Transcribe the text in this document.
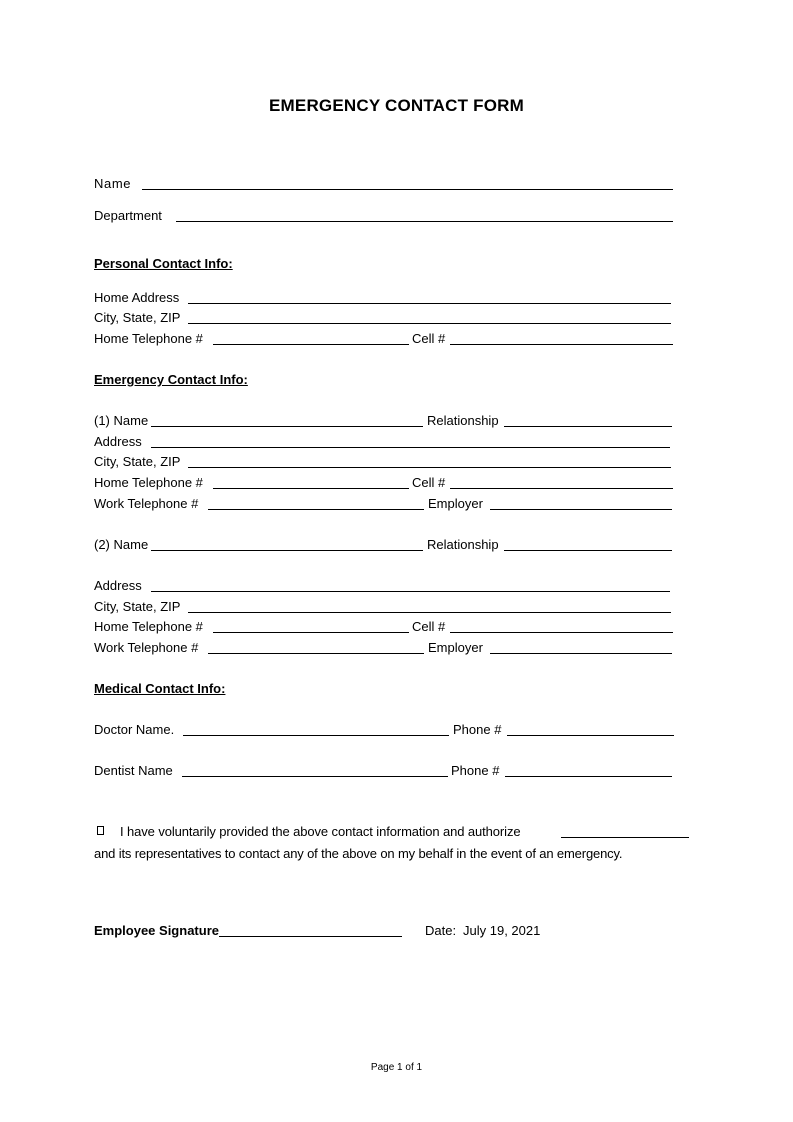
EMERGENCY CONTACT FORM
Name
Department
Personal Contact Info:
Home Address
City, State, ZIP
Home Telephone #	Cell #
Emergency Contact Info:
(1) Name	Relationship
Address
City, State, ZIP
Home Telephone #	Cell #
Work Telephone #	Employer
(2) Name	Relationship
Address
City, State, ZIP
Home Telephone #	Cell #
Work Telephone #	Employer
Medical Contact Info:
Doctor Name.	Phone #
Dentist Name	Phone #
I have voluntarily provided the above contact information and authorize
and its representatives to contact any of the above on my behalf in the event of an emergency.
Employee Signature	Date: July 19, 2021
Page 1 of 1
